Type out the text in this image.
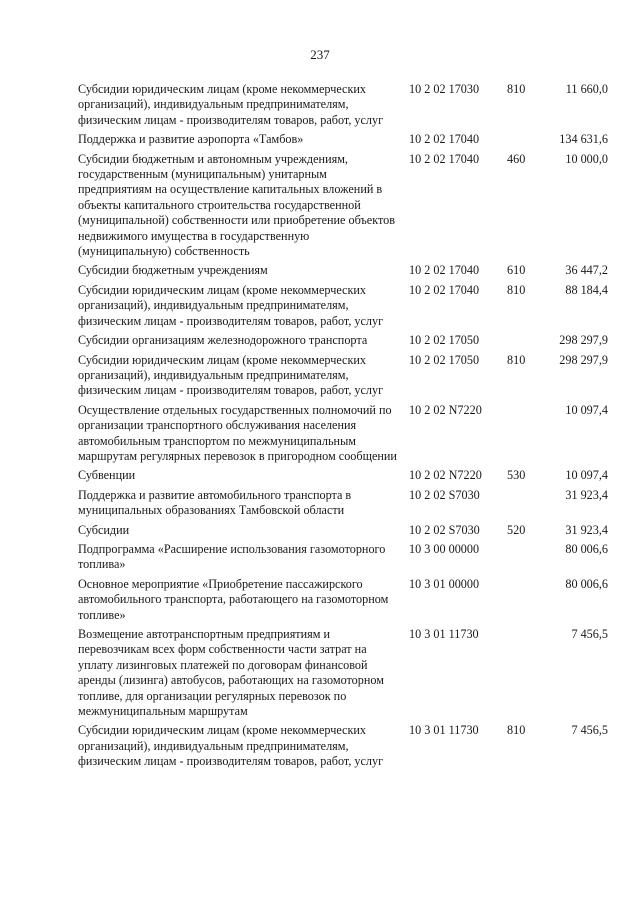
237
Субсидии юридическим лицам (кроме некоммерческих организаций), индивидуальным предпринимателям, физическим лицам - производителям товаров, работ, услуг
10 2 02 17030	810	11 660,0
Поддержка и развитие аэропорта «Тамбов»	10 2 02 17040	134 631,6
Субсидии бюджетным и автономным учреждениям, государственным (муниципальным) унитарным предприятиям на осуществление капитальных вложений в объекты капитального строительства государственной (муниципальной) собственности или приобретение объектов недвижимого имущества в государственную (муниципальную) собственность
10 2 02 17040	460	10 000,0
Субсидии бюджетным учреждениям	10 2 02 17040	610	36 447,2
Субсидии юридическим лицам (кроме некоммерческих организаций), индивидуальным предпринимателям, физическим лицам - производителям товаров, работ, услуг
10 2 02 17040	810	88 184,4
Субсидии организациям железнодорожного транспорта	10 2 02 17050	298 297,9
Субсидии юридическим лицам (кроме некоммерческих организаций), индивидуальным предпринимателям, физическим лицам - производителям товаров, работ, услуг
10 2 02 17050	810	298 297,9
Осуществление отдельных государственных полномочий по организации транспортного обслуживания населения автомобильным транспортом по межмуниципальным маршрутам регулярных перевозок в пригородном сообщении
10 2 02 N7220	10 097,4
Субвенции	10 2 02 N7220	530	10 097,4
Поддержка и развитие автомобильного транспорта в муниципальных образованиях Тамбовской области
10 2 02 S7030	31 923,4
Субсидии	10 2 02 S7030	520	31 923,4
Подпрограмма «Расширение использования газомоторного топлива»
10 3 00 00000	80 006,6
Основное мероприятие «Приобретение пассажирского автомобильного транспорта, работающего на газомоторном топливе»
10 3 01 00000	80 006,6
Возмещение автотранспортным предприятиям и перевозчикам всех форм собственности части затрат на уплату лизинговых платежей по договорам финансовой аренды (лизинга) автобусов, работающих на газомоторном топливе, для организации регулярных перевозок по межмуниципальным маршрутам
10 3 01 11730	7 456,5
Субсидии юридическим лицам (кроме некоммерческих организаций), индивидуальным предпринимателям, физическим лицам - производителям товаров, работ, услуг
10 3 01 11730	810	7 456,5
